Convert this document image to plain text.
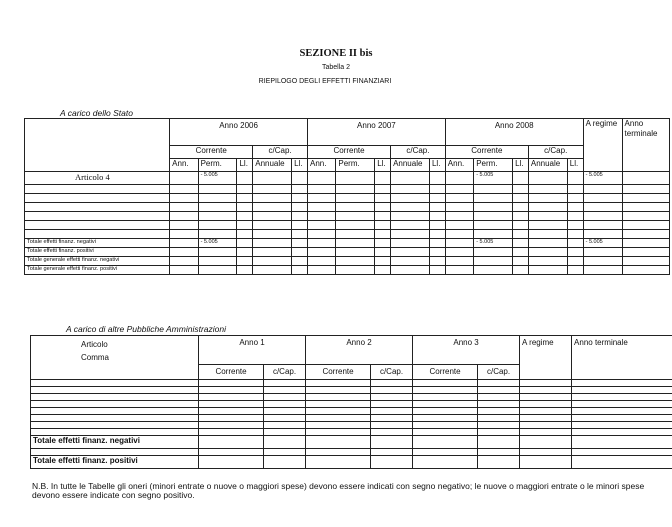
SEZIONE II bis
Tabella 2
RIEPILOGO DEGLI EFFETTI FINANZIARI
A carico dello Stato
	Anno 2006					Anno 2007					Anno 2008					A regime	Anno terminale
	Corrente			c/Cap.		Corrente			c/Cap.		Corrente			c/Cap.			
	Ann.	Perm.	Ll.	Annuale	Ll.	Ann.	Perm.	Ll.	Annuale	Ll.	Ann.	Perm.	Ll.	Annuale	Ll.		
Articolo 4		- 5.005										- 5.005				- 5.005	

Totale effetti finanz. negativi		- 5.005										- 5.005				- 5.005	
Totale effetti finanz. positivi																	
Totale generale effetti finanz. negativi																	
Totale generale effetti finanz. positivi																	
A carico di altre Pubbliche Amministrazioni
Articolo
Comma	Anno 1		Anno 2		Anno 3		A regime	Anno terminale
	Corrente	c/Cap.	Corrente	c/Cap.	Corrente	c/Cap.		

Totale effetti finanz. negativi								

Totale effetti finanz. positivi								
N.B. In tutte le Tabelle gli oneri (minori entrate o nuove o maggiori spese) devono essere indicati con segno negativo; le nuove o maggiori entrate o le minori spese devono essere indicate con segno positivo.
